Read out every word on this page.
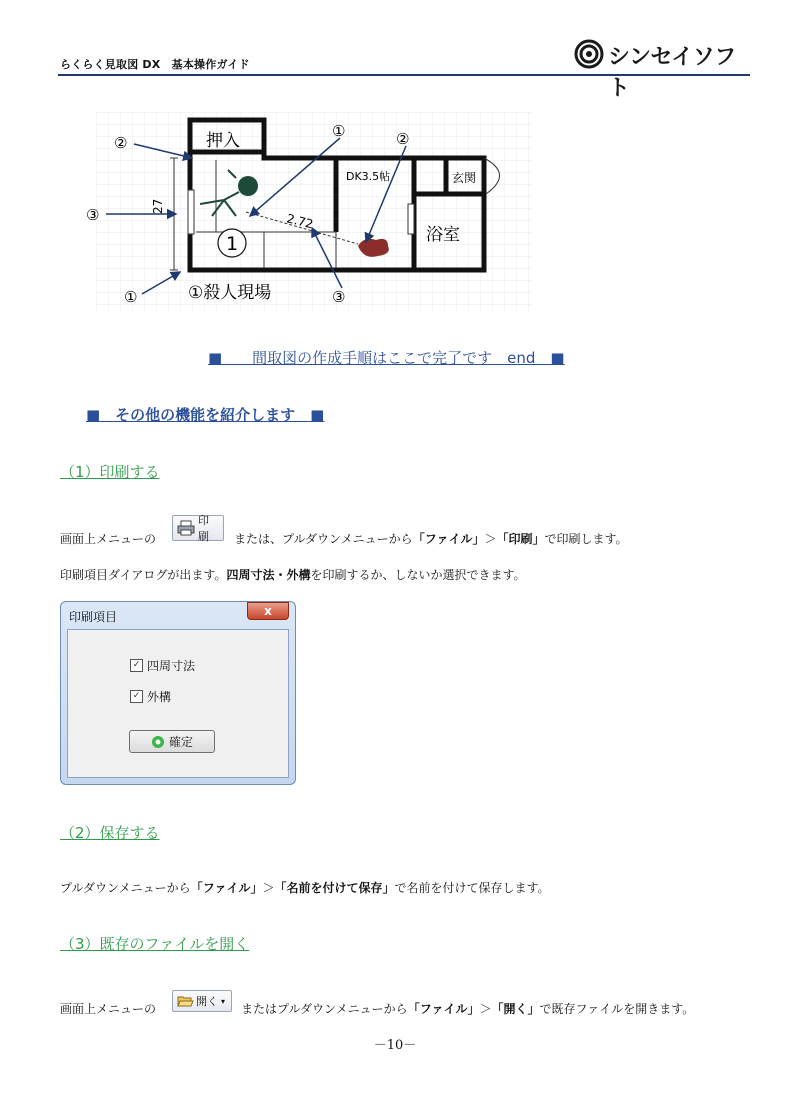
らくらく見取図 DX　基本操作ガイド	シンセイソフト
1
押入
DK3.5帖	玄関
浴室
27
2.72
①殺人現場
②
③
①
①	②
③
■　　間取図の作成手順はここで完了です　end　■
■　その他の機能を紹介します　■
（1）印刷する
画面上メニューの
印刷	または、プルダウンメニューから「ファイル」＞「印刷」で印刷します。
印刷項目ダイアログが出ます。四周寸法・外構を印刷するか、しないか選択できます。
印刷項目	x
✓ 四周寸法
✓ 外構
確定
（2）保存する
プルダウンメニューから「ファイル」＞「名前を付けて保存」で名前を付けて保存します。
（3）既存のファイルを開く
画面上メニューの
開く ▾
またはプルダウンメニューから「ファイル」＞「開く」で既存ファイルを開きます。
－10－
